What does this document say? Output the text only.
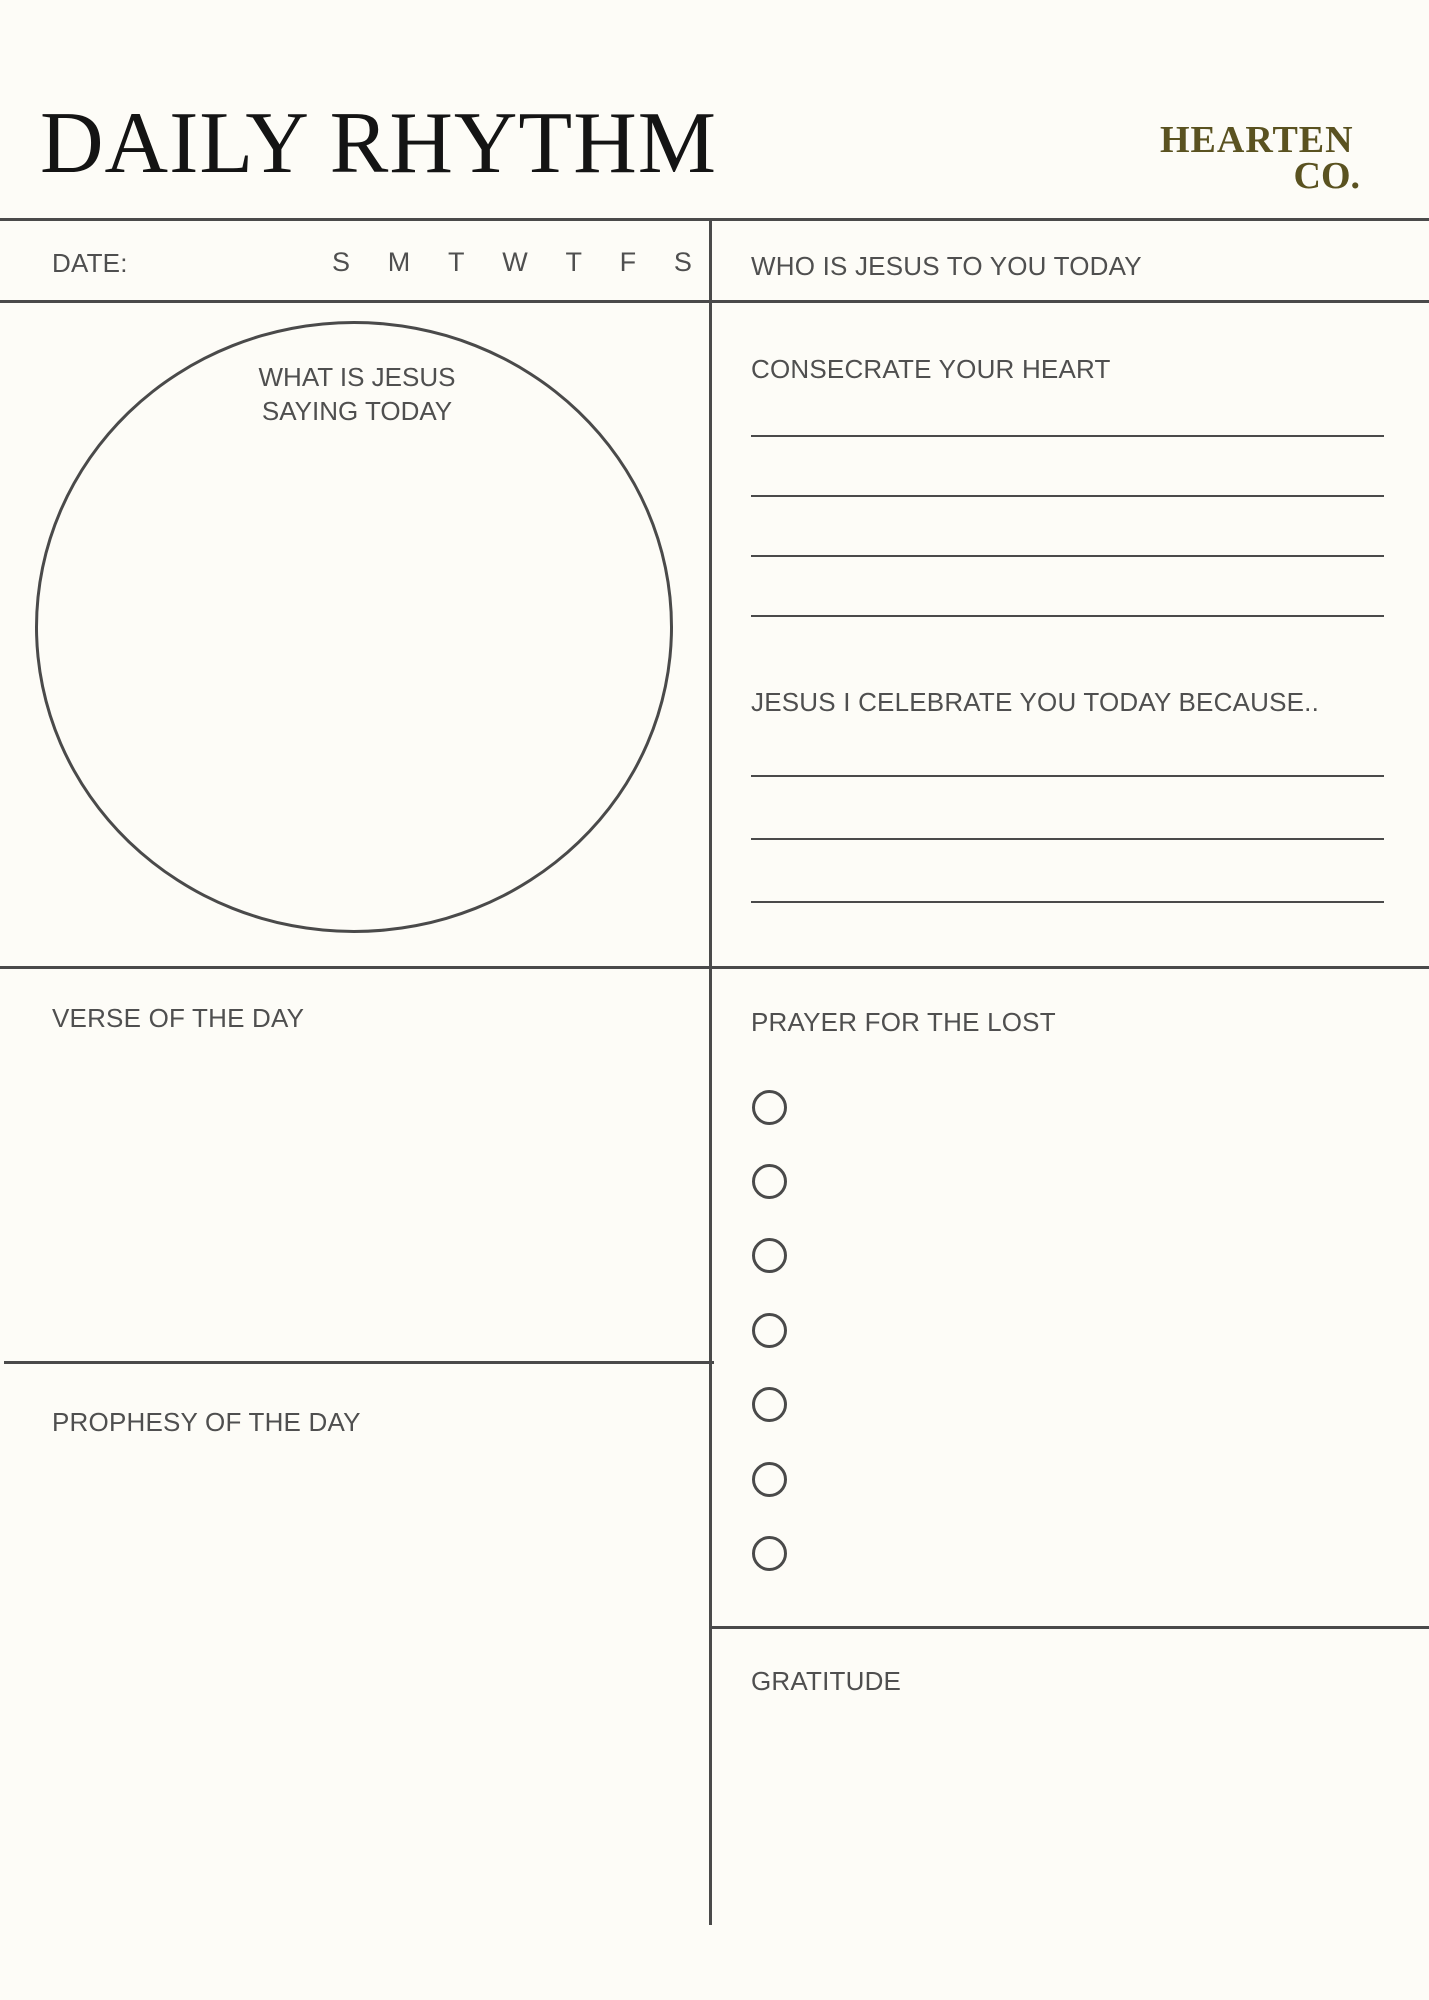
DAILY RHYTHM	HEARTEN
CO.
DATE:	S M T W T F S WHO IS JESUS TO YOU TODAY
WHAT IS JESUS
SAYING TODAY
CONSECRATE YOUR HEART
JESUS I CELEBRATE YOU TODAY BECAUSE..
VERSE OF THE DAY
PROPHESY OF THE DAY
PRAYER FOR THE LOST
GRATITUDE
